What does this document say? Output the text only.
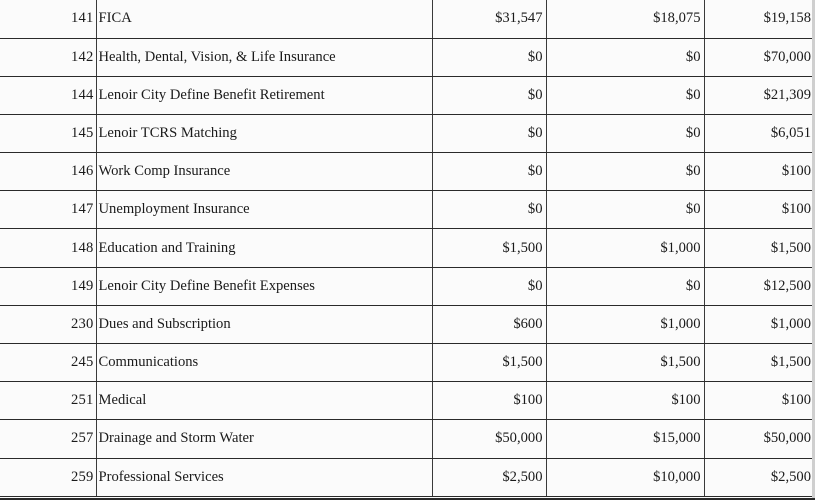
141	FICA	$31,547	$18,075	$19,158
142	Health, Dental, Vision, & Life Insurance	$0	$0	$70,000
144	Lenoir City Define Benefit Retirement	$0	$0	$21,309
145	Lenoir TCRS Matching	$0	$0	$6,051
146	Work Comp Insurance	$0	$0	$100
147	Unemployment Insurance	$0	$0	$100
148	Education and Training	$1,500	$1,000	$1,500
149	Lenoir City Define Benefit Expenses	$0	$0	$12,500
230	Dues and Subscription	$600	$1,000	$1,000
245	Communications	$1,500	$1,500	$1,500
251	Medical	$100	$100	$100
257	Drainage and Storm Water	$50,000	$15,000	$50,000
259	Professional Services	$2,500	$10,000	$2,500
